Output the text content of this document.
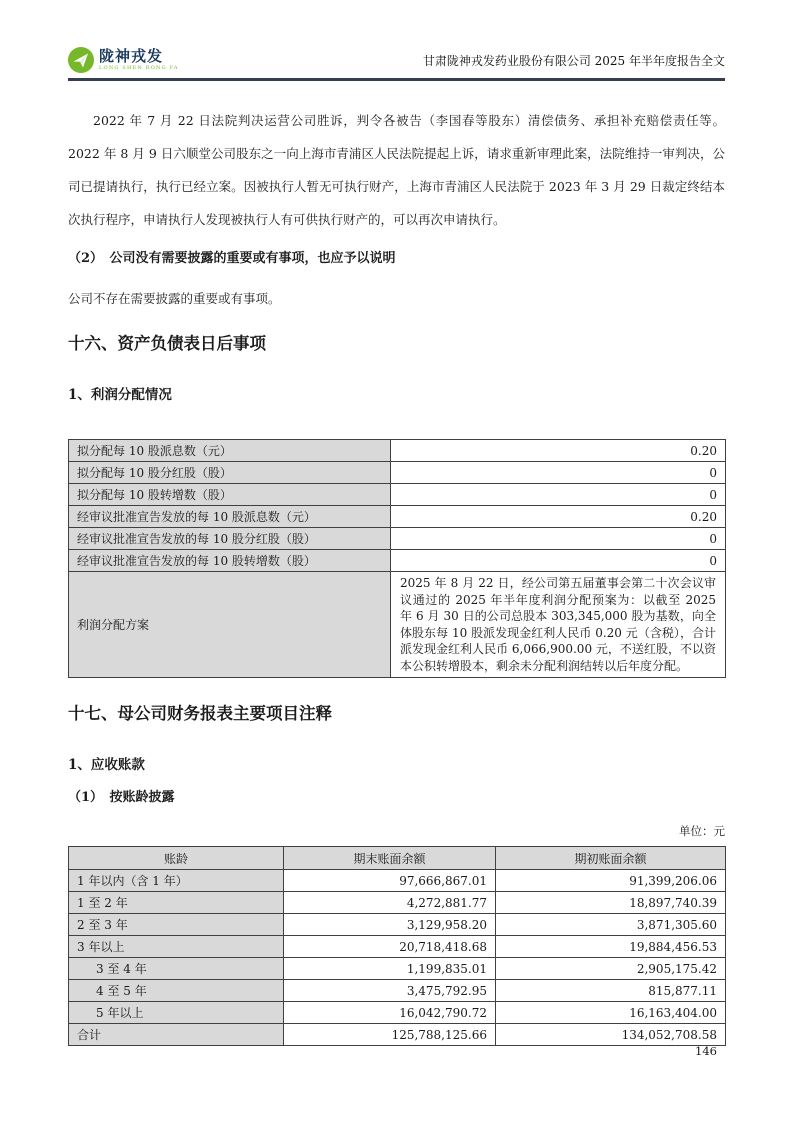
陇神戎发
LONG SHEN RONG FA
甘肃陇神戎发药业股份有限公司 2025 年半年度报告全文
2022 年 7 月 22 日法院判决运营公司胜诉，判令各被告（李国春等股东）清偿债务、承担补充赔偿责任等。2022 年 8 月 9 日六顺堂公司股东之一向上海市青浦区人民法院提起上诉，请求重新审理此案，法院维持一审判决，公司已提请执行，执行已经立案。因被执行人暂无可执行财产，上海市青浦区人民法院于 2023 年 3 月 29 日裁定终结本次执行程序，申请执行人发现被执行人有可供执行财产的，可以再次申请执行。
（2）　公司没有需要披露的重要或有事项，也应予以说明
公司不存在需要披露的重要或有事项。
十六、资产负债表日后事项
1、利润分配情况
拟分配每 10 股派息数（元）	0.20
拟分配每 10 股分红股（股）	0
拟分配每 10 股转增数（股）	0
经审议批准宣告发放的每 10 股派息数（元）	0.20
经审议批准宣告发放的每 10 股分红股（股）	0
经审议批准宣告发放的每 10 股转增数（股）	0
利润分配方案	2025 年 8 月 22 日，经公司第五届董事会第二十次会议审议通过的 2025 年半年度利润分配预案为：以截至 2025 年 6 月 30 日的公司总股本 303,345,000 股为基数，向全体股东每 10 股派发现金红利人民币 0.20 元（含税），合计派发现金红利人民币 6,066,900.00 元，不送红股，不以资本公积转增股本，剩余未分配利润结转以后年度分配。
十七、母公司财务报表主要项目注释
1、应收账款
（1）　按账龄披露
单位：元
账龄	期末账面余额	期初账面余额
1 年以内（含 1 年）	97,666,867.01	91,399,206.06
1 至 2 年	4,272,881.77	18,897,740.39
2 至 3 年	3,129,958.20	3,871,305.60
3 年以上	20,718,418.68	19,884,456.53
3 至 4 年	1,199,835.01	2,905,175.42
4 至 5 年	3,475,792.95	815,877.11
5 年以上	16,042,790.72	16,163,404.00
合计	125,788,125.66	134,052,708.58
146
